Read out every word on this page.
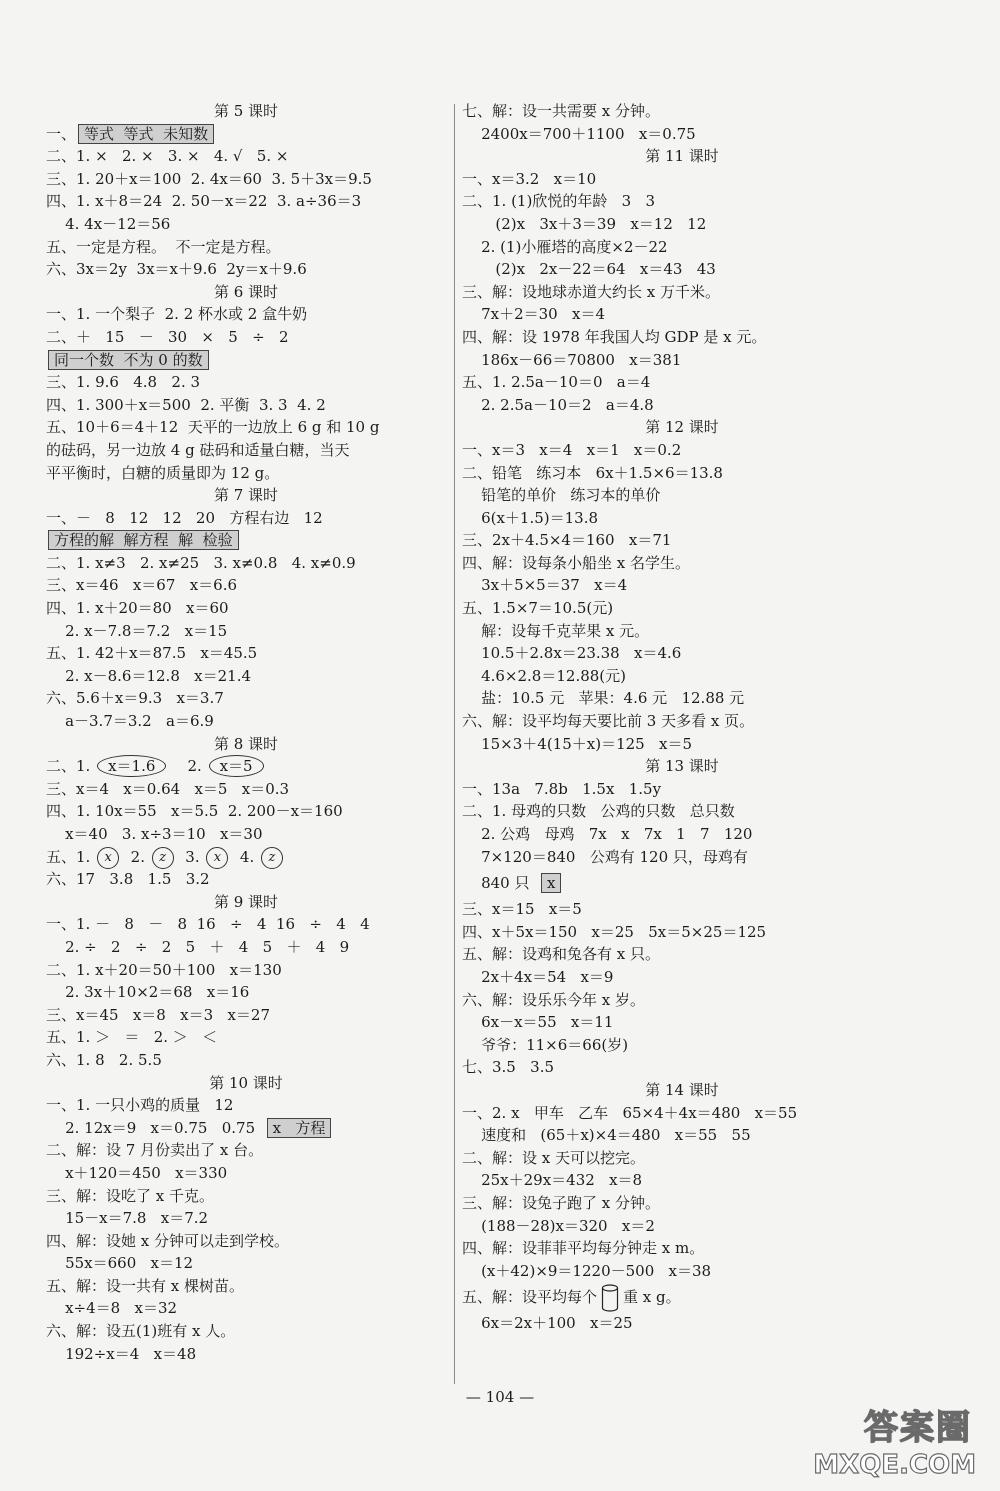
第 5 课时
一、 等式  等式  未知数
二、1. ×   2. ×   3. ×   4. √   5. ×
三、1. 20＋x＝100  2. 4x＝60  3. 5＋3x＝9.5
四、1. x＋8＝24  2. 50－x＝22  3. a÷36＝3
4. 4x－12＝56
五、一定是方程。  不一定是方程。
六、3x＝2y  3x＝x＋9.6  2y＝x＋9.6
第 6 课时
一、1. 一个梨子  2. 2 杯水或 2 盒牛奶
二、＋   15   －   30   ×   5   ÷   2
同一个数  不为 0 的数
三、1. 9.6   4.8   2. 3
四、1. 300＋x＝500  2. 平衡  3. 3  4. 2
五、10＋6＝4＋12  天平的一边放上 6 g 和 10 g
的砝码，另一边放 4 g 砝码和适量白糖，当天
平平衡时，白糖的质量即为 12 g。
第 7 课时
一、－   8   12   12   20   方程右边   12
方程的解  解方程  解  检验
二、1. x≠3   2. x≠25   3. x≠0.8   4. x≠0.9
三、x＝46   x＝67   x＝6.6
四、1. x＋20＝80   x＝60
2. x－7.8＝7.2   x＝15
五、1. 42＋x＝87.5   x＝45.5
2. x－8.6＝12.8   x＝21.4
六、5.6＋x＝9.3   x＝3.7
a－3.7＝3.2   a＝6.9
第 8 课时
二、1. x＝1.6    2. x＝5
三、x＝4   x＝0.64   x＝5   x＝0.3
四、1. 10x＝55   x＝5.5  2. 200－x＝160
x＝40   3. x÷3＝10   x＝30
五、1. x  2. z  3. x  4. z
六、17   3.8   1.5   3.2
第 9 课时
一、1. －   8   －   8  16   ÷   4  16   ÷   4   4
2. ÷   2   ÷   2   5   ＋   4   5   ＋   4   9
二、1. x＋20＝50＋100   x＝130
2. 3x＋10×2＝68   x＝16
三、x＝45   x＝8   x＝3   x＝27
五、1. ＞   ＝   2. ＞   ＜
六、1. 8   2. 5.5
第 10 课时
一、1. 一只小鸡的质量   12
2. 12x＝9   x＝0.75   0.75  x   方程
二、解：设 7 月份卖出了 x 台。
x＋120＝450   x＝330
三、解：设吃了 x 千克。
15－x＝7.8   x＝7.2
四、解：设她 x 分钟可以走到学校。
55x＝660   x＝12
五、解：设一共有 x 棵树苗。
x÷4＝8   x＝32
六、解：设五(1)班有 x 人。
192÷x＝4   x＝48
七、解：设一共需要 x 分钟。
2400x＝700＋1100   x＝0.75
第 11 课时
一、x＝3.2   x＝10
二、1. (1)欣悦的年龄   3   3
(2)x   3x＋3＝39   x＝12   12
2. (1)小雁塔的高度×2－22
(2)x   2x－22＝64   x＝43   43
三、解：设地球赤道大约长 x 万千米。
7x＋2＝30   x＝4
四、解：设 1978 年我国人均 GDP 是 x 元。
186x－66＝70800   x＝381
五、1. 2.5a－10＝0   a＝4
2. 2.5a－10＝2   a＝4.8
第 12 课时
一、x＝3   x＝4   x＝1   x＝0.2
二、铅笔   练习本   6x＋1.5×6＝13.8
铅笔的单价   练习本的单价
6(x＋1.5)＝13.8
三、2x＋4.5×4＝160   x＝71
四、解：设每条小船坐 x 名学生。
3x＋5×5＝37   x＝4
五、1.5×7＝10.5(元)
解：设每千克苹果 x 元。
10.5＋2.8x＝23.38   x＝4.6
4.6×2.8＝12.88(元)
盐：10.5 元   苹果：4.6 元   12.88 元
六、解：设平均每天要比前 3 天多看 x 页。
15×3＋4(15＋x)＝125   x＝5
第 13 课时
一、13a   7.8b   1.5x   1.5y
二、1. 母鸡的只数   公鸡的只数   总只数
2. 公鸡   母鸡   7x   x   7x   1   7   120
7×120＝840   公鸡有 120 只，母鸡有
840 只  x
三、x＝15   x＝5
四、x＋5x＝150   x＝25   5x＝5×25＝125
五、解：设鸡和兔各有 x 只。
2x＋4x＝54   x＝9
六、解：设乐乐今年 x 岁。
6x－x＝55   x＝11
爷爷：11×6＝66(岁)
七、3.5   3.5
第 14 课时
一、2. x   甲车   乙车   65×4＋4x＝480   x＝55
速度和   (65＋x)×4＝480   x＝55   55
二、解：设 x 天可以挖完。
25x＋29x＝432   x＝8
三、解：设兔子跑了 x 分钟。
(188－28)x＝320   x＝2
四、解：设菲菲平均每分钟走 x m。
(x＋42)×9＝1220－500   x＝38
五、解：设平均每个 重 x g。
6x＝2x＋100   x＝25
— 104 —
答案圈
MXQE.COM
